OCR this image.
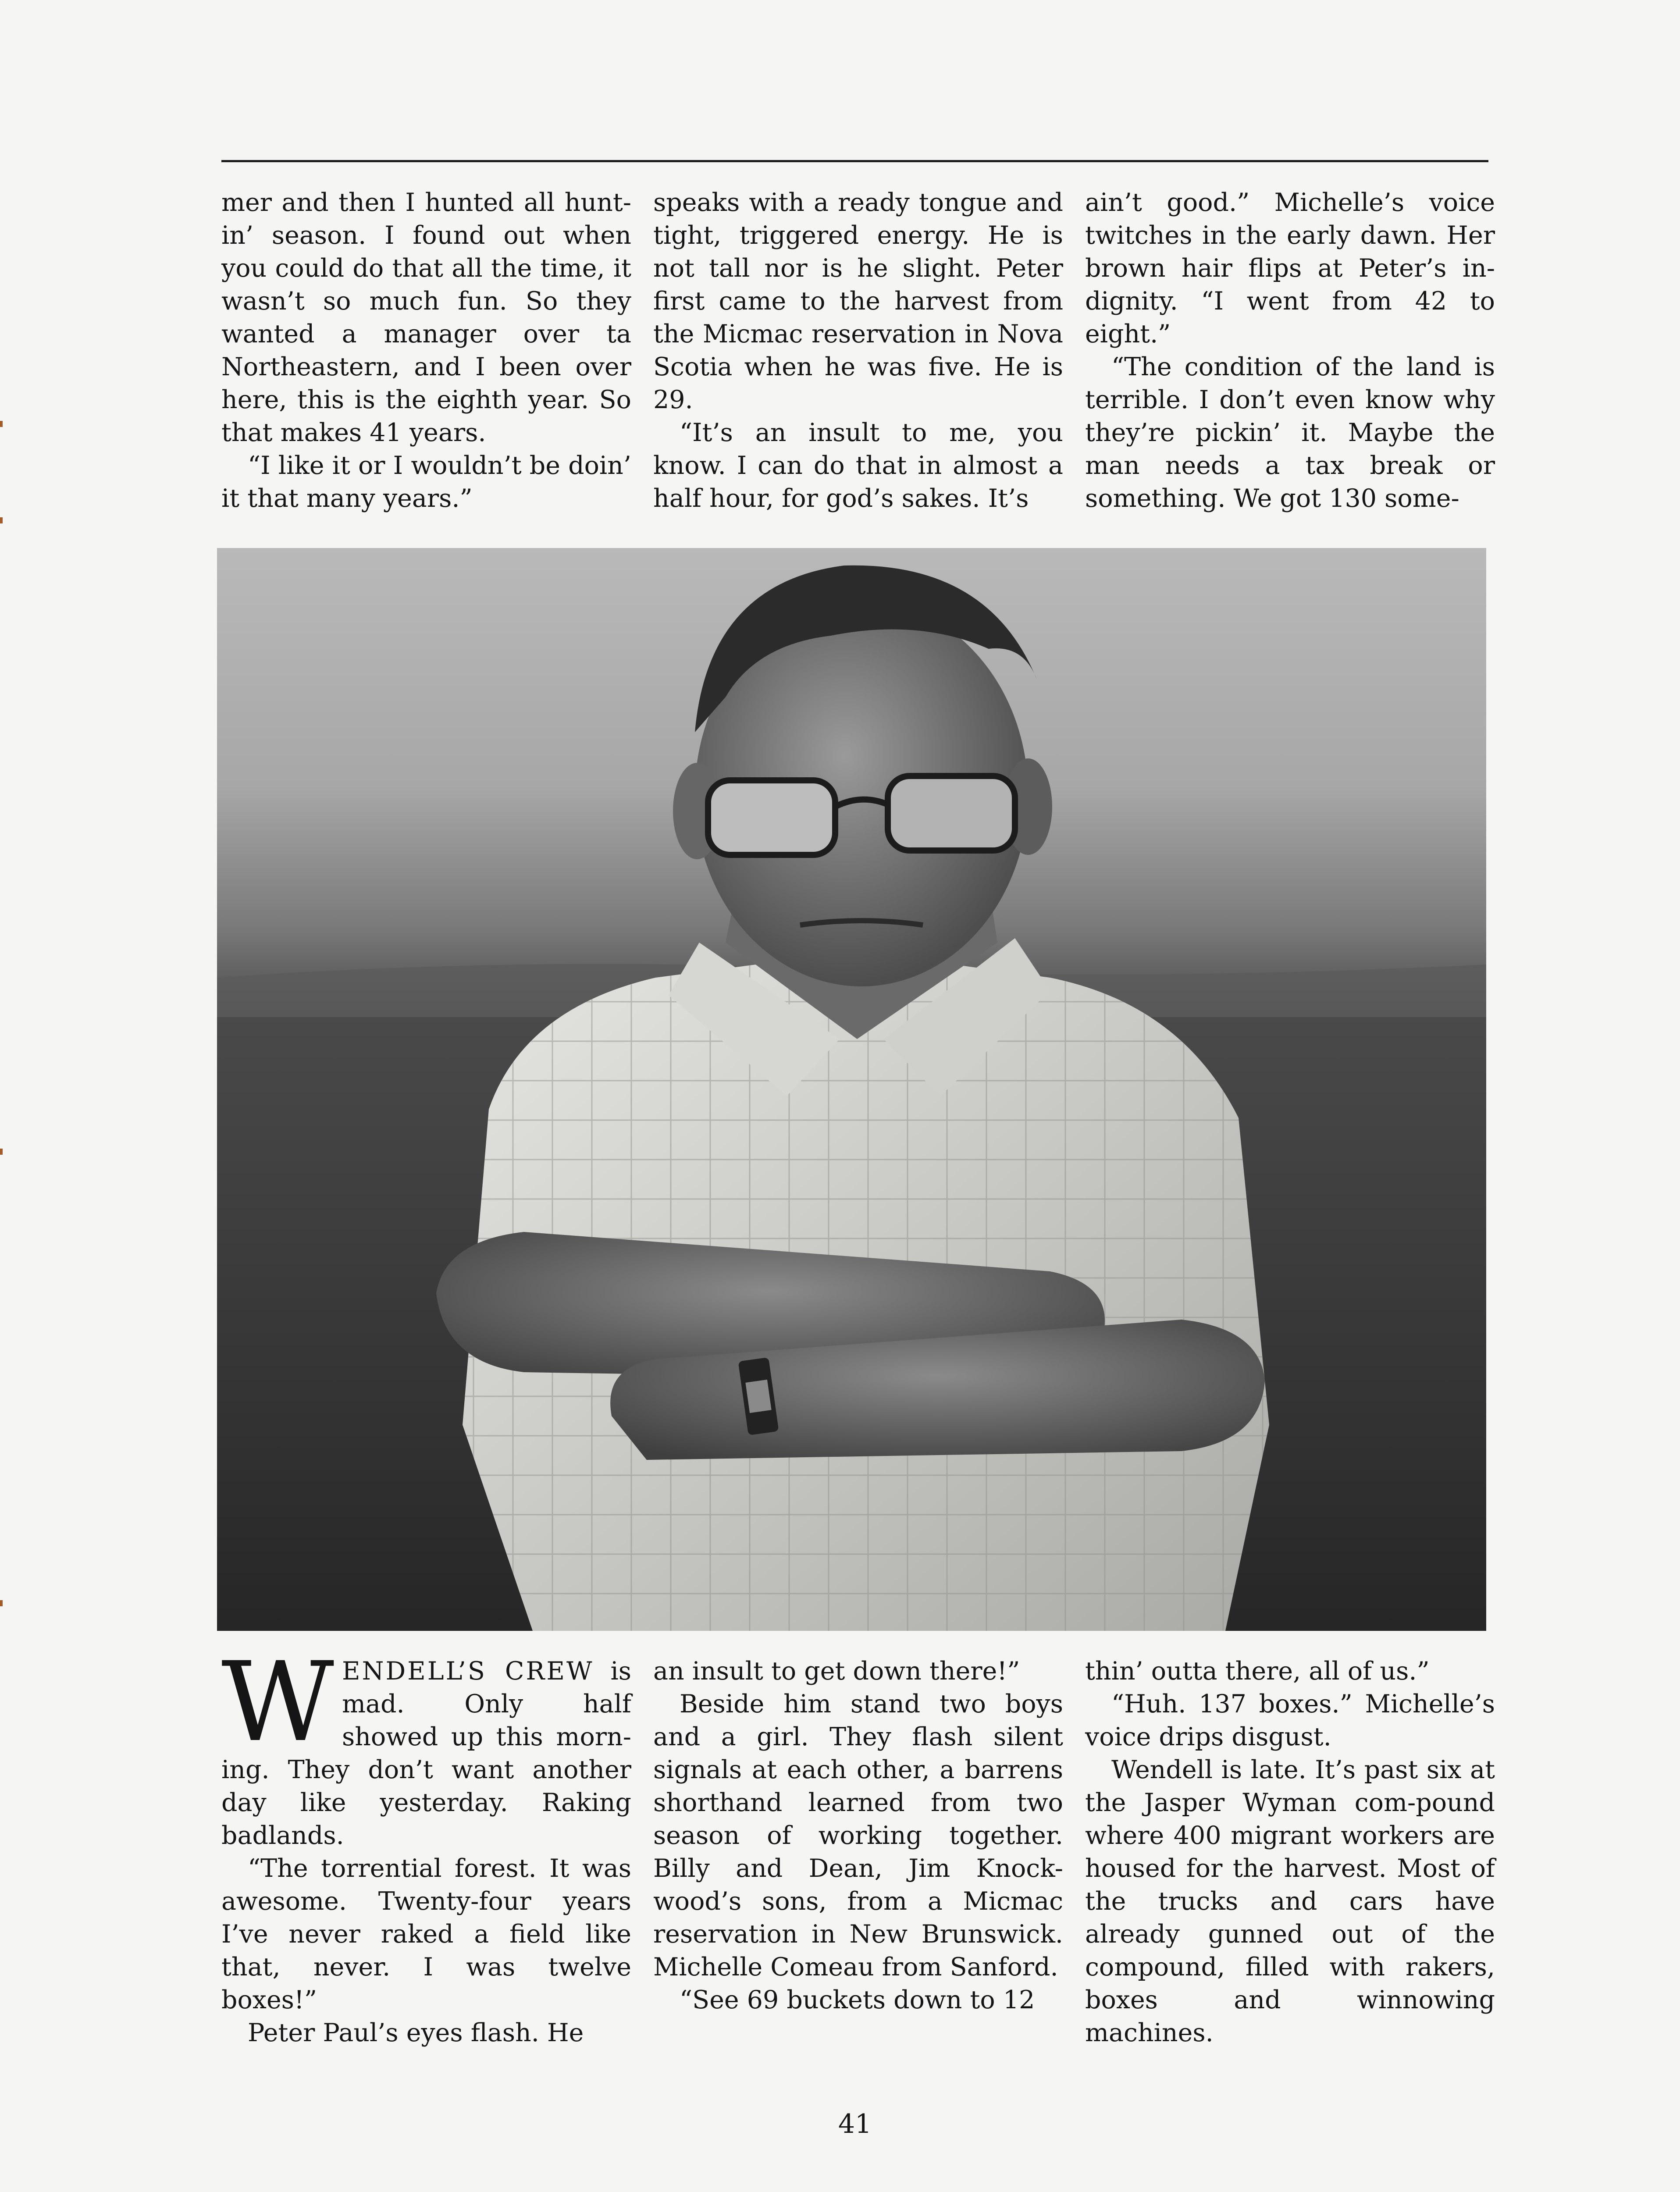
mer and then I hunted all hunt-in’ season. I found out when you could do that all the time, it wasn’t so much fun. So they wanted a manager over ta Northeastern, and I been over here, this is the eighth year. So that makes 41 years.

“I like it or I wouldn’t be doin’ it that many years.”

speaks with a ready tongue and tight, triggered energy. He is not tall nor is he slight. Peter first came to the harvest from the Micmac reservation in Nova Scotia when he was five. He is 29.

“It’s an insult to me, you know. I can do that in almost a half hour, for god’s sakes. It’s

ain’t good.” Michelle’s voice twitches in the early dawn. Her brown hair flips at Peter’s in-dignity. “I went from 42 to eight.”

“The condition of the land is terrible. I don’t even know why they’re pickin’ it. Maybe the man needs a tax break or something. We got 130 some-

WENDELL’S CREW is mad. Only half showed up this morn-ing. They don’t want another day like yesterday. Raking badlands.

“The torrential forest. It was awesome. Twenty-four years I’ve never raked a field like that, never. I was twelve boxes!”

Peter Paul’s eyes flash. He

an insult to get down there!”

Beside him stand two boys and a girl. They flash silent signals at each other, a barrens shorthand learned from two season of working together. Billy and Dean, Jim Knock-wood’s sons, from a Micmac reservation in New Brunswick. Michelle Comeau from Sanford.

“See 69 buckets down to 12

thin’ outta there, all of us.”

“Huh. 137 boxes.” Michelle’s voice drips disgust.

Wendell is late. It’s past six at the Jasper Wyman com-pound where 400 migrant workers are housed for the harvest. Most of the trucks and cars have already gunned out of the compound, filled with rakers, boxes and winnowing machines.

41
